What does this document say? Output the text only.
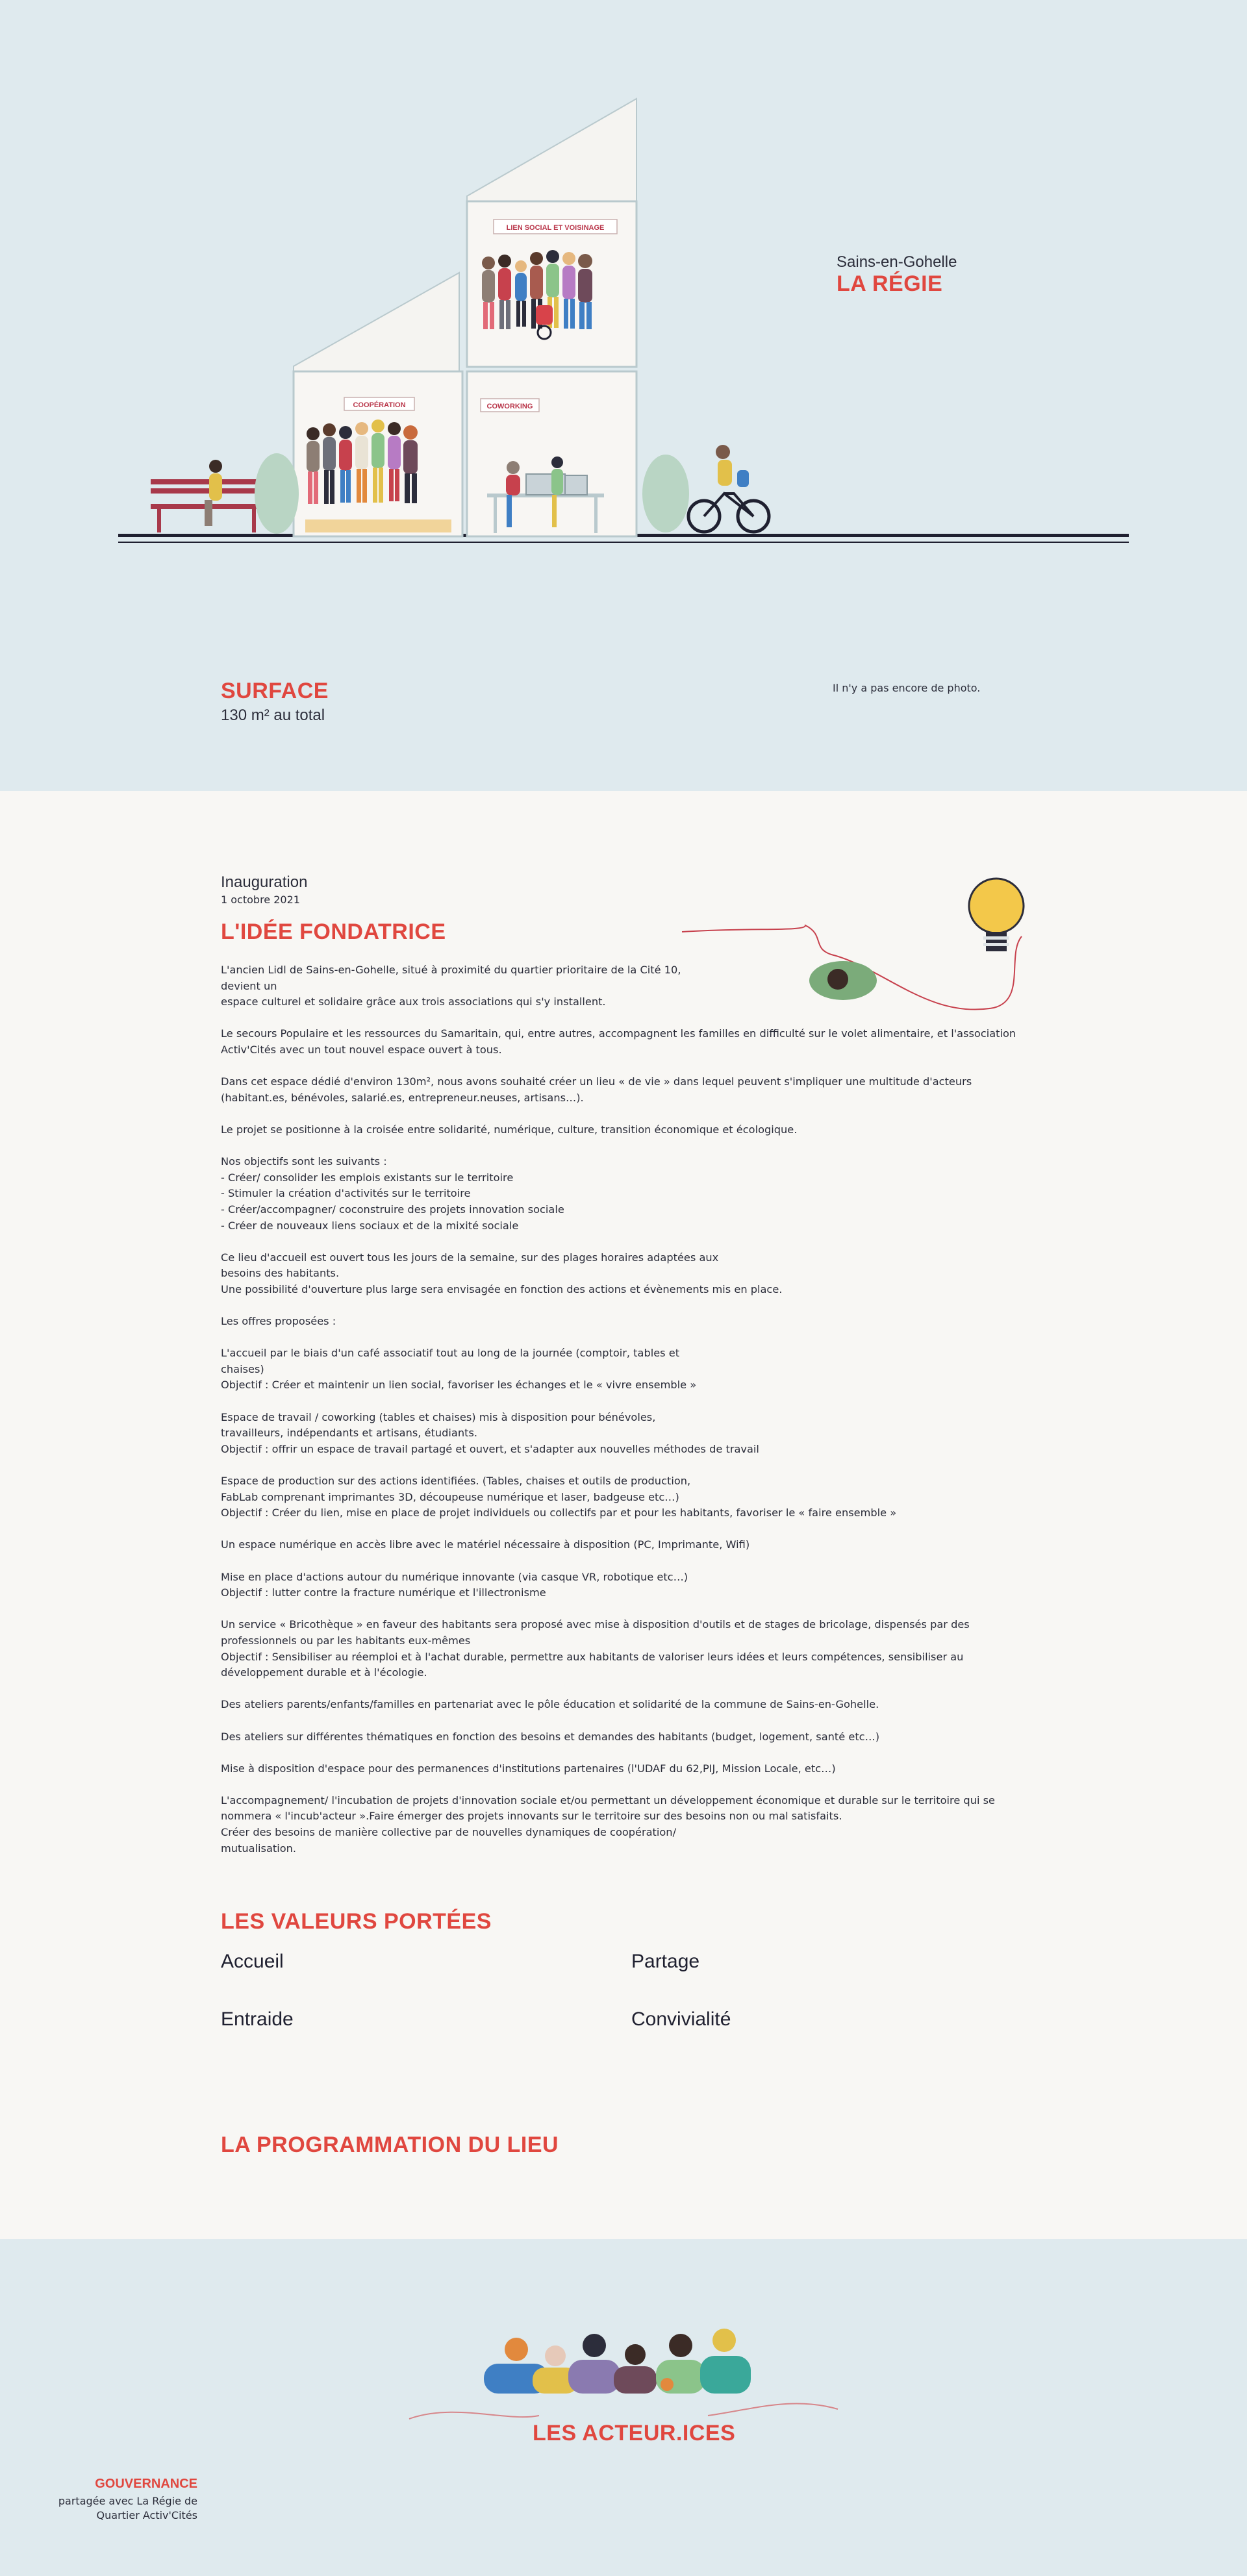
LIEN SOCIAL ET VOISINAGE
COOPÉRATION	COWORKING
Sains-en-Gohelle
LA RÉGIE
SURFACE
130 m² au total
Il n'y a pas encore de photo.
Inauguration
1 octobre 2021
L'IDÉE FONDATRICE

L'ancien Lidl de Sains-en-Gohelle, situé à proximité du quartier prioritaire de la Cité 10,
devient un
espace culturel et solidaire grâce aux trois associations qui s'y installent.

Le secours Populaire et les ressources du Samaritain, qui, entre autres, accompagnent les familles en difficulté sur le volet alimentaire, et l'association
Activ'Cités avec un tout nouvel espace ouvert à tous.

Dans cet espace dédié d'environ 130m², nous avons souhaité créer un lieu « de vie » dans lequel peuvent s'impliquer une multitude d'acteurs
(habitant.es, bénévoles, salarié.es, entrepreneur.neuses, artisans…).

Le projet se positionne à la croisée entre solidarité, numérique, culture, transition économique et écologique.

Nos objectifs sont les suivants :
- Créer/ consolider les emplois existants sur le territoire
- Stimuler la création d'activités sur le territoire
- Créer/accompagner/ coconstruire des projets innovation sociale
- Créer de nouveaux liens sociaux et de la mixité sociale

Ce lieu d'accueil est ouvert tous les jours de la semaine, sur des plages horaires adaptées aux
besoins des habitants.
Une possibilité d'ouverture plus large sera envisagée en fonction des actions et évènements mis en place.

Les offres proposées :

L'accueil par le biais d'un café associatif tout au long de la journée (comptoir, tables et
chaises)
Objectif : Créer et maintenir un lien social, favoriser les échanges et le « vivre ensemble »

Espace de travail / coworking (tables et chaises) mis à disposition pour bénévoles,
travailleurs, indépendants et artisans, étudiants.
Objectif : offrir un espace de travail partagé et ouvert, et s'adapter aux nouvelles méthodes de travail

Espace de production sur des actions identifiées. (Tables, chaises et outils de production,
FabLab comprenant imprimantes 3D, découpeuse numérique et laser, badgeuse etc…)
Objectif : Créer du lien, mise en place de projet individuels ou collectifs par et pour les habitants, favoriser le « faire ensemble »

Un espace numérique en accès libre avec le matériel nécessaire à disposition (PC, Imprimante, Wifi)

Mise en place d'actions autour du numérique innovante (via casque VR, robotique etc…)
Objectif : lutter contre la fracture numérique et l'illectronisme

Un service « Bricothèque » en faveur des habitants sera proposé avec mise à disposition d'outils et de stages de bricolage, dispensés par des
professionnels ou par les habitants eux-mêmes
Objectif : Sensibiliser au réemploi et à l'achat durable, permettre aux habitants de valoriser leurs idées et leurs compétences, sensibiliser au
développement durable et à l'écologie.

Des ateliers parents/enfants/familles en partenariat avec le pôle éducation et solidarité de la commune de Sains-en-Gohelle.

Des ateliers sur différentes thématiques en fonction des besoins et demandes des habitants (budget, logement, santé etc…)

Mise à disposition d'espace pour des permanences d'institutions partenaires (l'UDAF du 62,PIJ, Mission Locale, etc…)

L'accompagnement/ l'incubation de projets d'innovation sociale et/ou permettant un développement économique et durable sur le territoire qui se
nommera « l'incub'acteur ».Faire émerger des projets innovants sur le territoire sur des besoins non ou mal satisfaits.
Créer des besoins de manière collective par de nouvelles dynamiques de coopération/
mutualisation.

LES VALEURS PORTÉES
Accueil	Partage
Entraide	Convivialité
LA PROGRAMMATION DU LIEU
LES ACTEUR.ICES
GOUVERNANCE
partagée avec La Régie de
Quartier Activ'Cités
